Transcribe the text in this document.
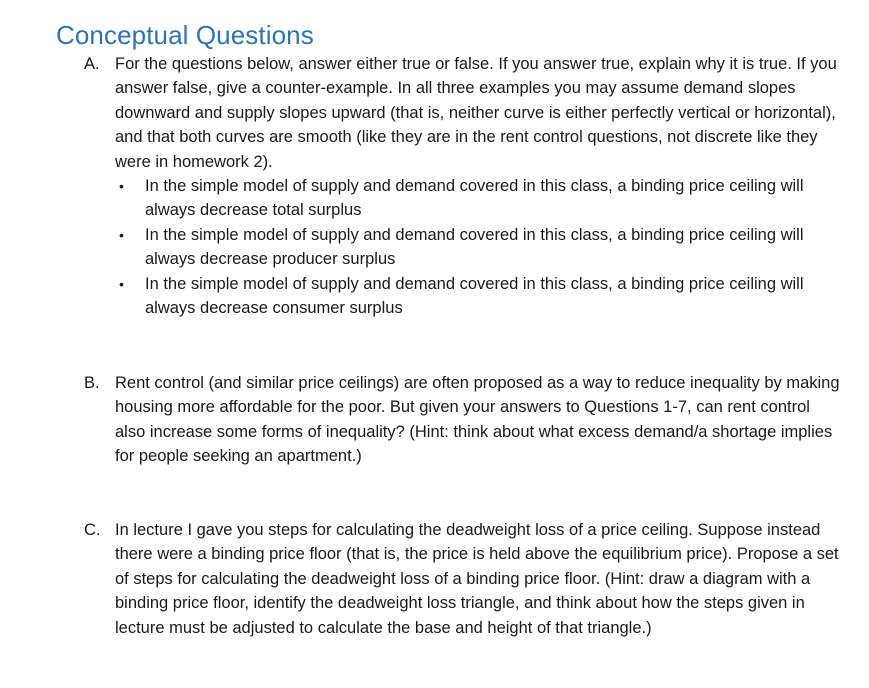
Conceptual Questions
A. For the questions below, answer either true or false. If you answer true, explain why it is true. If you answer false, give a counter-example. In all three examples you may assume demand slopes downward and supply slopes upward (that is, neither curve is either perfectly vertical or horizontal), and that both curves are smooth (like they are in the rent control questions, not discrete like they were in homework 2).
• In the simple model of supply and demand covered in this class, a binding price ceiling will always decrease total surplus
• In the simple model of supply and demand covered in this class, a binding price ceiling will always decrease producer surplus
• In the simple model of supply and demand covered in this class, a binding price ceiling will always decrease consumer surplus
B. Rent control (and similar price ceilings) are often proposed as a way to reduce inequality by making housing more affordable for the poor. But given your answers to Questions 1-7, can rent control also increase some forms of inequality? (Hint: think about what excess demand/a shortage implies for people seeking an apartment.)
C. In lecture I gave you steps for calculating the deadweight loss of a price ceiling. Suppose instead there were a binding price floor (that is, the price is held above the equilibrium price). Propose a set of steps for calculating the deadweight loss of a binding price floor. (Hint: draw a diagram with a binding price floor, identify the deadweight loss triangle, and think about how the steps given in lecture must be adjusted to calculate the base and height of that triangle.)
